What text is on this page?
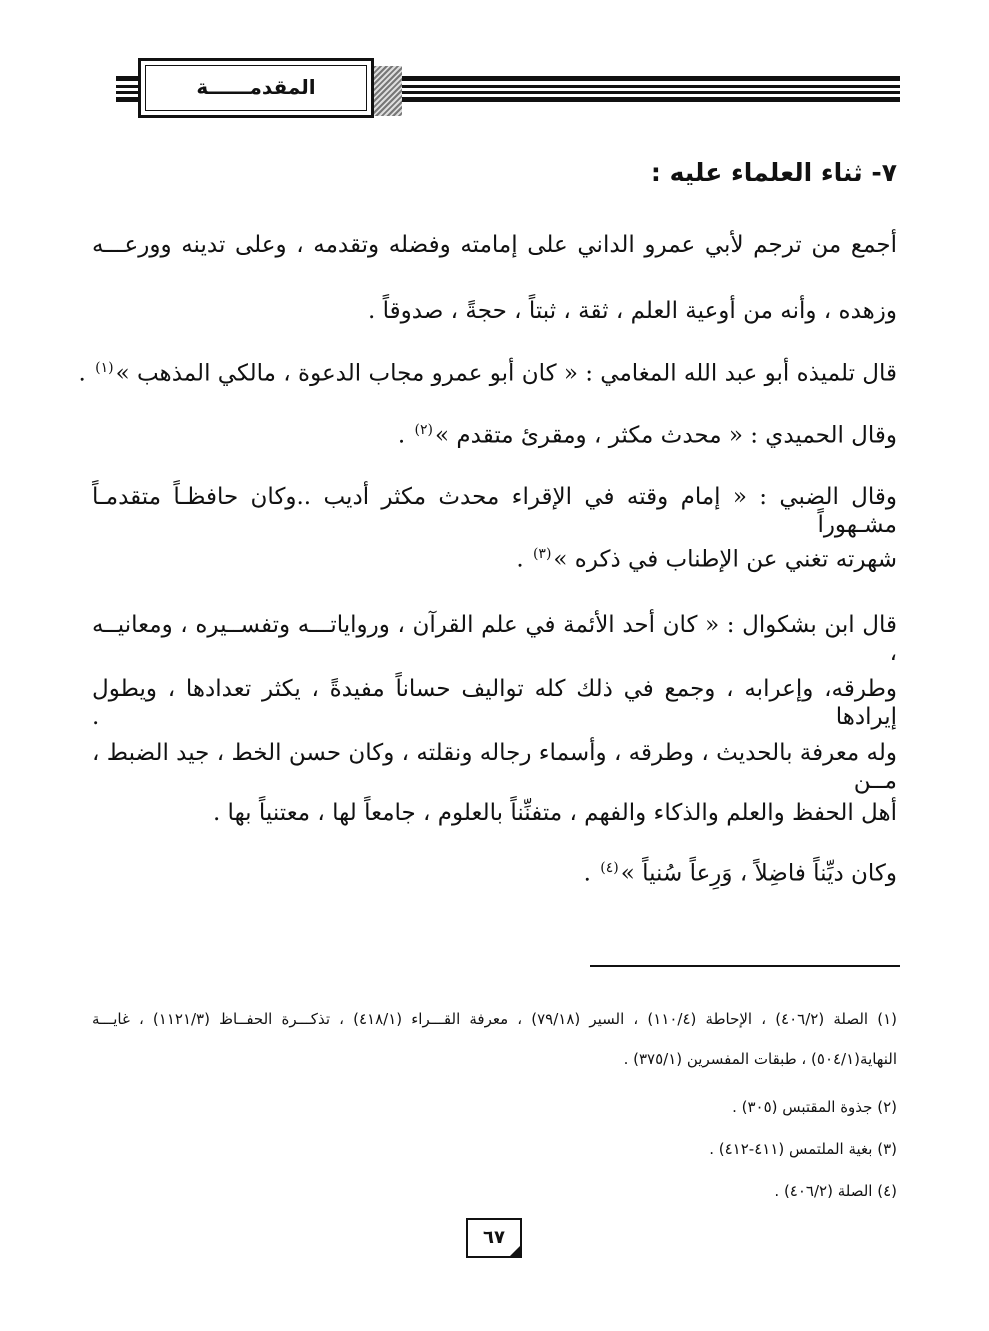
المقدمــــــة
٧- ثناء العلماء عليه :
أجمع من ترجم لأبي عمرو الداني على إمامته وفضله وتقدمه ، وعلى تدينه وورعـــه
وزهده ، وأنه من أوعية العلم ، ثقة ، ثبتاً ، حجةً ، صدوقاً .
قال تلميذه أبو عبد الله المغامي : « كان أبو عمرو مجاب الدعوة ، مالكي المذهب »$^{(١)}$ .
وقال الحميدي : « محدث مكثر ، ومقرئ متقدم »$^{(٢)}$ .
وقال الضبي : « إمام وقته في الإقراء محدث مكثر أديب ..وكان حافظـاً متقدمـاً مشـهوراً
شهرته تغني عن الإطناب في ذكره »$^{(٣)}$ .
قال ابن بشكوال : « كان أحد الأئمة في علم القرآن ، ورواياتـــه وتفســيره ، ومعانيــه ،
وطرقه، وإعرابه ، وجمع في ذلك كله تواليف حساناً مفيدةً ، يكثر تعدادها ، ويطول إيرادها .
وله معرفة بالحديث ، وطرقه ، وأسماء رجاله ونقلته ، وكان حسن الخط ، جيد الضبط ، مــن
أهل الحفظ والعلم والذكاء والفهم ، متفنِّناً بالعلوم ، جامعاً لها ، معتنياً بها .
وكان ديِّناً فاضِلاً ، وَرِعاً سُنياً »$^{(٤)}$ .
(١) الصلة (٤٠٦/٢) ، الإحاطة (١١٠/٤) ، السير (٧٩/١٨) ، معرفة القـــراء (٤١٨/١) ، تذكـــرة الحفــاظ (١١٢١/٣) ، غايـــة
النهاية(٥٠٤/١) ، طبقات المفسرين (٣٧٥/١) .
(٢) جذوة المقتبس (٣٠٥) .
(٣) بغية الملتمس (٤١١-٤١٢) .
(٤) الصلة (٤٠٦/٢) .
٦٧
